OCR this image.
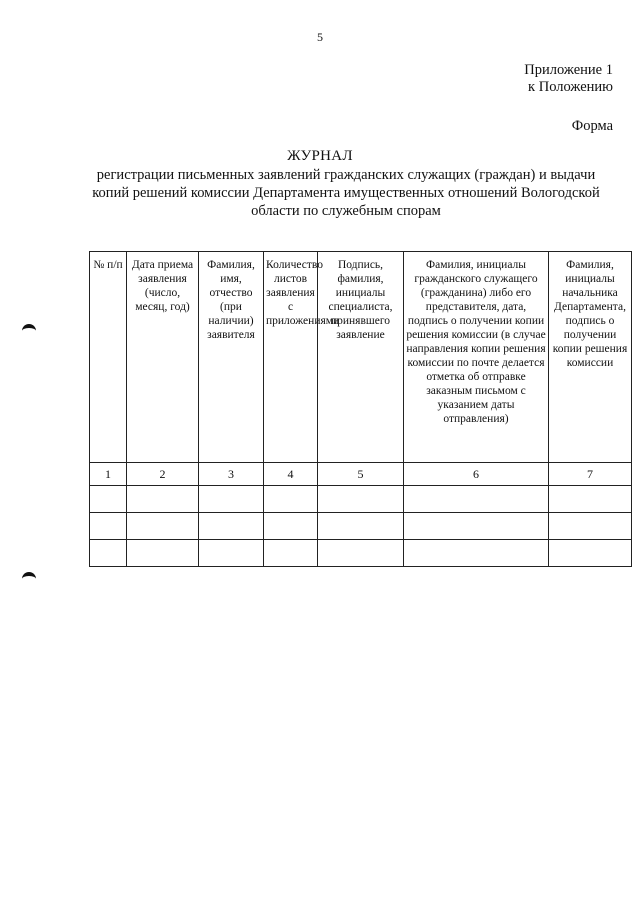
5
Приложение 1
к Положению
Форма
ЖУРНАЛ
регистрации письменных заявлений гражданских служащих (граждан) и выдачи копий решений комиссии Департамента имущественных отношений Вологодской области по служебным спорам
№ п/п	Дата приема заявления (число, месяц, год)	Фамилия, имя, отчество (при наличии) заявителя	Количество листов заявления с приложениями	Подпись, фамилия, инициалы специалиста, принявшего заявление	Фамилия, инициалы гражданского служащего (гражданина) либо его представителя, дата, подпись о получении копии решения комиссии (в случае направления копии решения комиссии по почте делается отметка об отправке заказным письмом с указанием даты отправления)	Фамилия, инициалы начальника Департамента, подпись о получении копии решения комиссии
1	2	3	4	5	6	7
